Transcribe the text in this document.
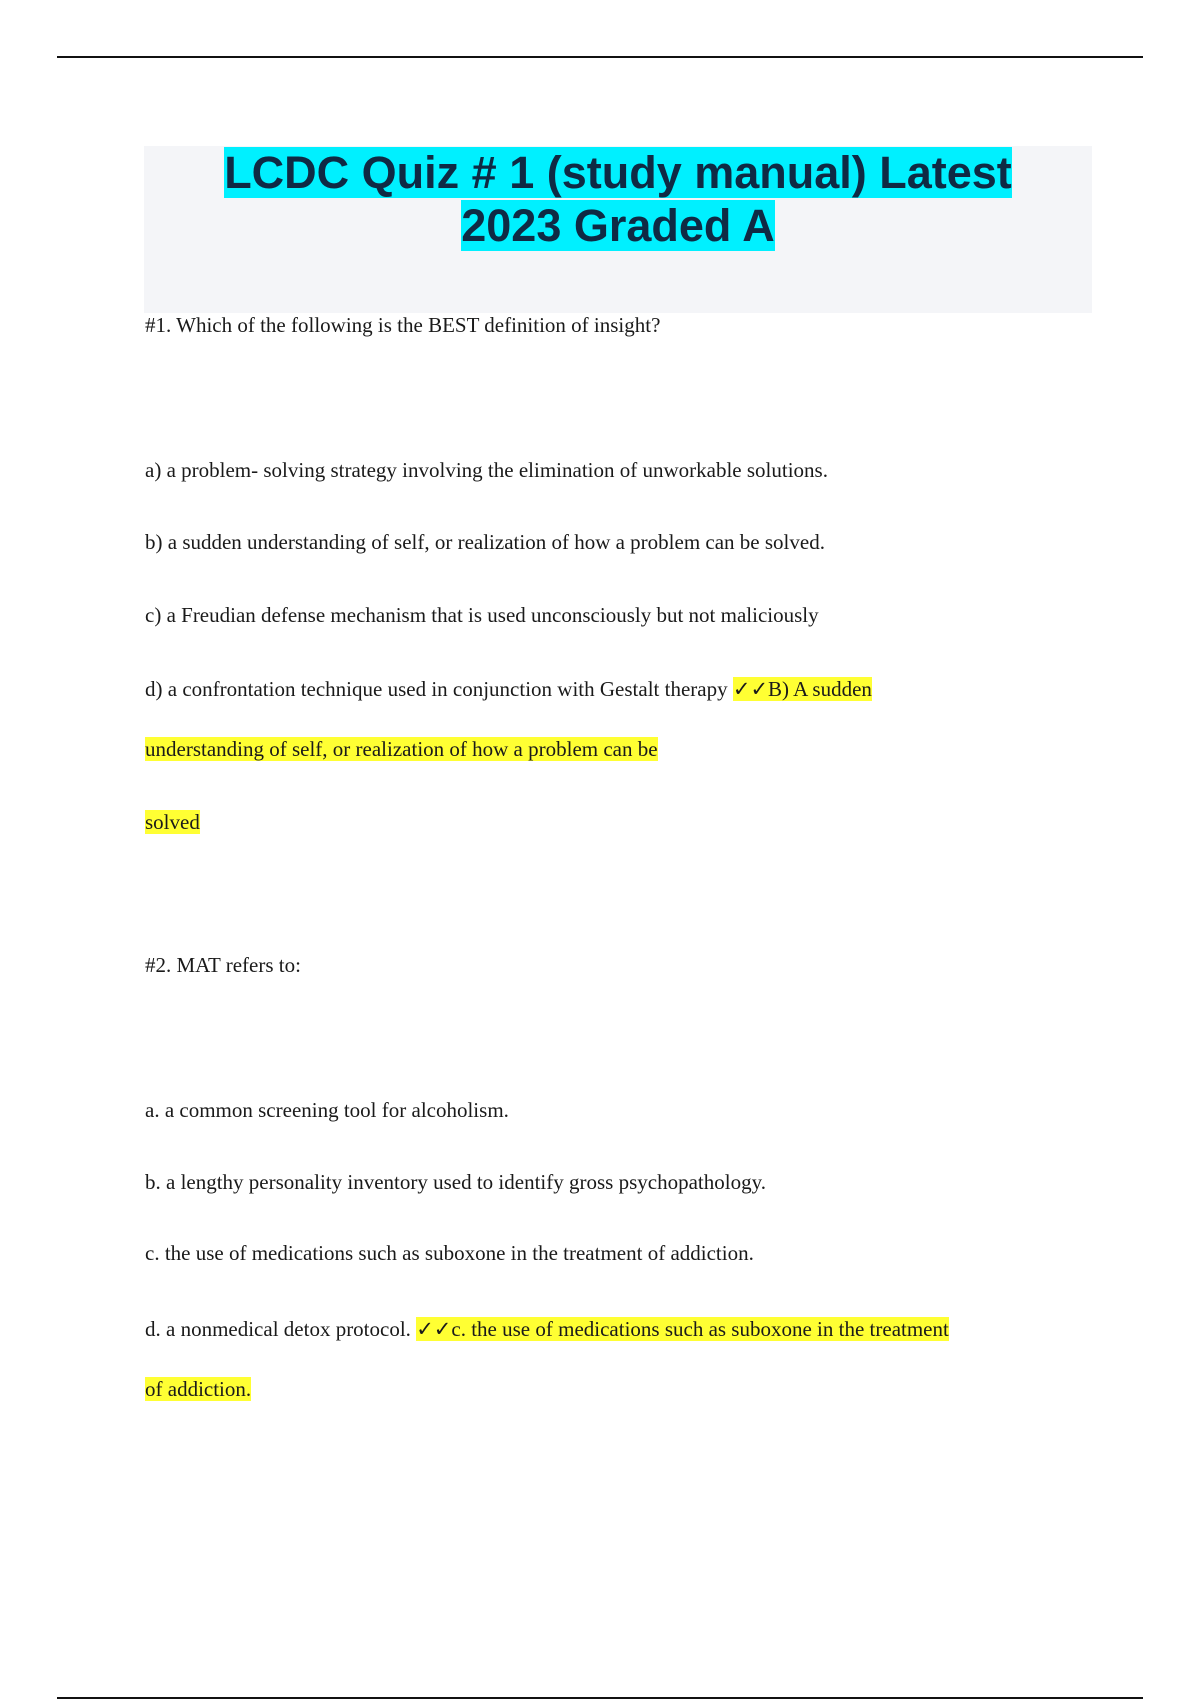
LCDC Quiz # 1 (study manual) Latest
2023 Graded A
#1. Which of the following is the BEST definition of insight?
a) a problem- solving strategy involving the elimination of unworkable solutions.
b) a sudden understanding of self, or realization of how a problem can be solved.
c) a Freudian defense mechanism that is used unconsciously but not maliciously
d) a confrontation technique used in conjunction with Gestalt therapy ✓✓B) A sudden
understanding of self, or realization of how a problem can be
solved
#2. MAT refers to:
a. a common screening tool for alcoholism.
b. a lengthy personality inventory used to identify gross psychopathology.
c. the use of medications such as suboxone in the treatment of addiction.
d. a nonmedical detox protocol. ✓✓c. the use of medications such as suboxone in the treatment
of addiction.
